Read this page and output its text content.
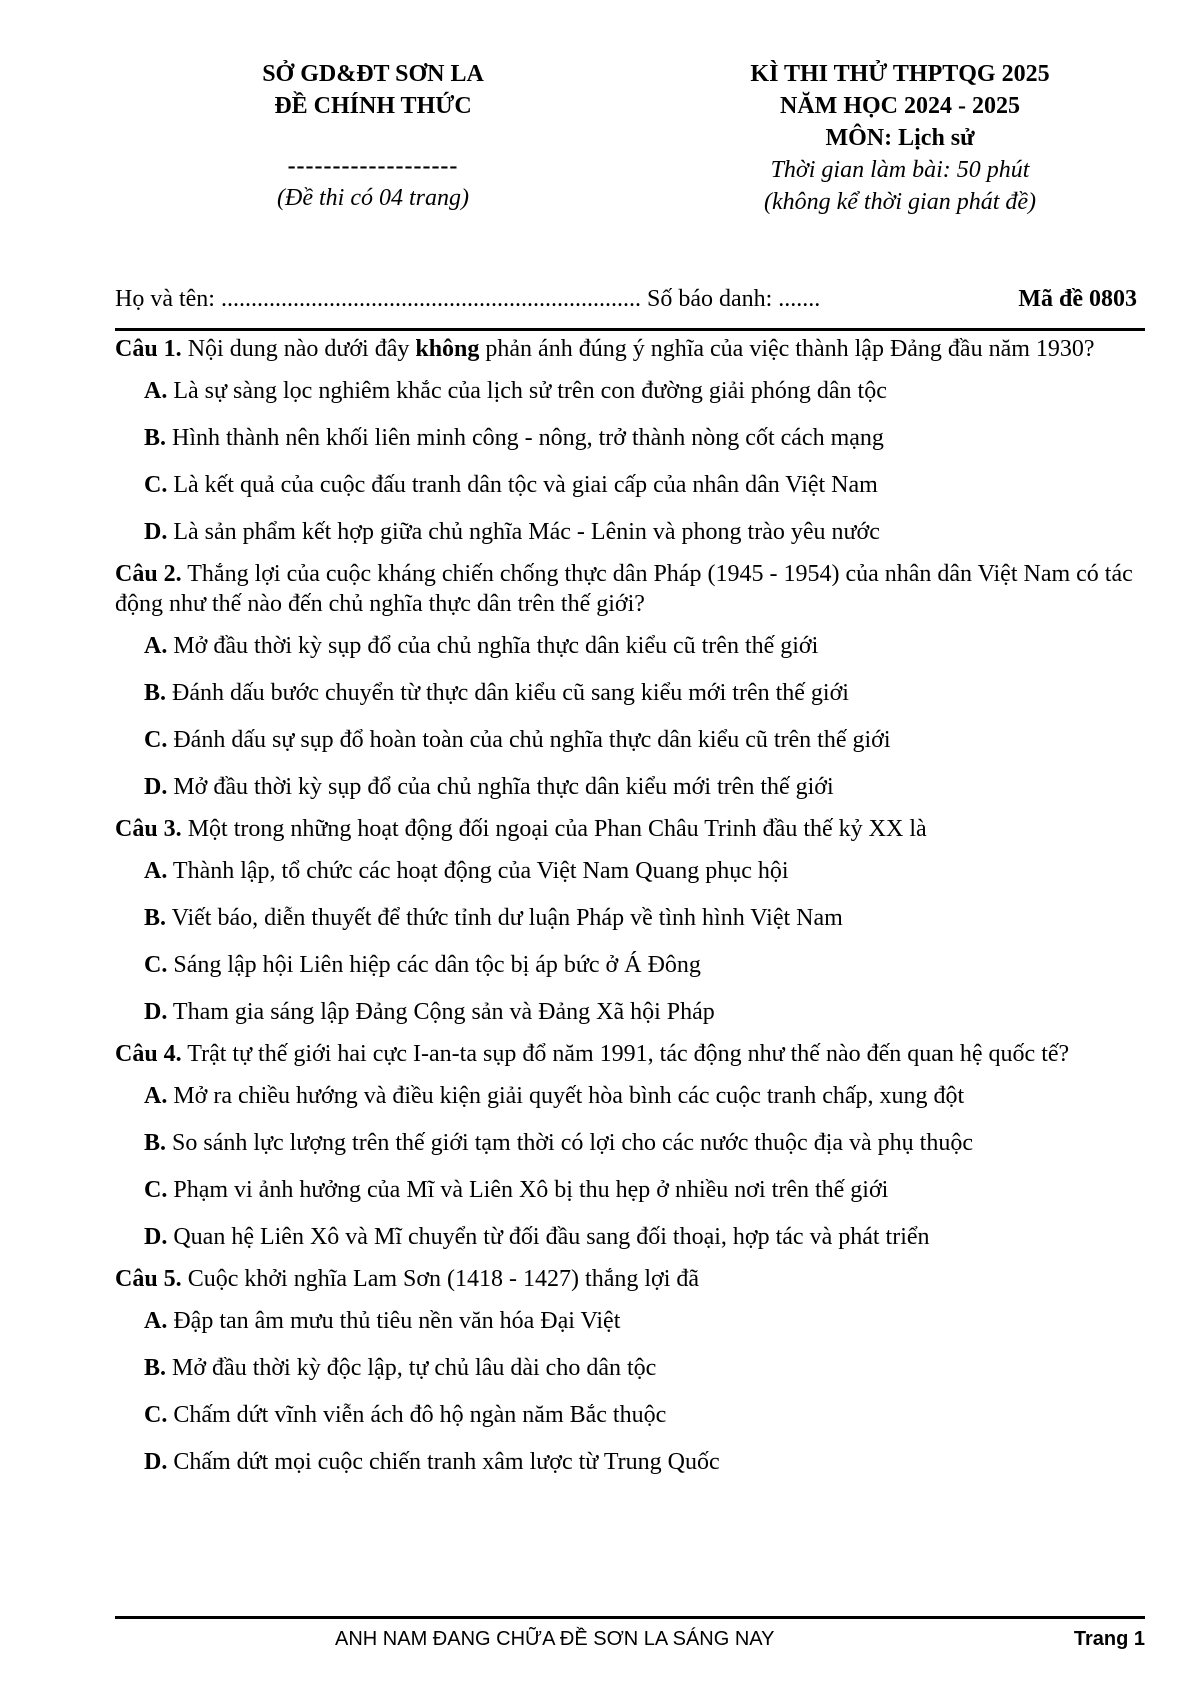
SỞ GD&ĐT SƠN LA
ĐỀ CHÍNH THỨC
-------------------
(Đề thi có 04 trang)
KÌ THI THỬ THPTQG 2025
NĂM HỌC 2024 - 2025
MÔN: Lịch sử
Thời gian làm bài: 50 phút
(không kể thời gian phát đề)
Họ và tên: ...................................................................... Số báo danh: .......	Mã đề 0803

Câu 1. Nội dung nào dưới đây không phản ánh đúng ý nghĩa của việc thành lập Đảng đầu năm 1930?

A. Là sự sàng lọc nghiêm khắc của lịch sử trên con đường giải phóng dân tộc

B. Hình thành nên khối liên minh công - nông, trở thành nòng cốt cách mạng

C. Là kết quả của cuộc đấu tranh dân tộc và giai cấp của nhân dân Việt Nam

D. Là sản phẩm kết hợp giữa chủ nghĩa Mác - Lênin và phong trào yêu nước

Câu 2. Thắng lợi của cuộc kháng chiến chống thực dân Pháp (1945 - 1954) của nhân dân Việt Nam có tác động như thế nào đến chủ nghĩa thực dân trên thế giới?

A. Mở đầu thời kỳ sụp đổ của chủ nghĩa thực dân kiểu cũ trên thế giới

B. Đánh dấu bước chuyển từ thực dân kiểu cũ sang kiểu mới trên thế giới

C. Đánh dấu sự sụp đổ hoàn toàn của chủ nghĩa thực dân kiểu cũ trên thế giới

D. Mở đầu thời kỳ sụp đổ của chủ nghĩa thực dân kiểu mới trên thế giới

Câu 3. Một trong những hoạt động đối ngoại của Phan Châu Trinh đầu thế kỷ XX là

A. Thành lập, tổ chức các hoạt động của Việt Nam Quang phục hội

B. Viết báo, diễn thuyết để thức tỉnh dư luận Pháp về tình hình Việt Nam

C. Sáng lập hội Liên hiệp các dân tộc bị áp bức ở Á Đông

D. Tham gia sáng lập Đảng Cộng sản và Đảng Xã hội Pháp

Câu 4. Trật tự thế giới hai cực I-an-ta sụp đổ năm 1991, tác động như thế nào đến quan hệ quốc tế?

A. Mở ra chiều hướng và điều kiện giải quyết hòa bình các cuộc tranh chấp, xung đột

B. So sánh lực lượng trên thế giới tạm thời có lợi cho các nước thuộc địa và phụ thuộc

C. Phạm vi ảnh hưởng của Mĩ và Liên Xô bị thu hẹp ở nhiều nơi trên thế giới

D. Quan hệ Liên Xô và Mĩ chuyển từ đối đầu sang đối thoại, hợp tác và phát triển

Câu 5. Cuộc khởi nghĩa Lam Sơn (1418 - 1427) thắng lợi đã

A. Đập tan âm mưu thủ tiêu nền văn hóa Đại Việt

B. Mở đầu thời kỳ độc lập, tự chủ lâu dài cho dân tộc

C. Chấm dứt vĩnh viễn ách đô hộ ngàn năm Bắc thuộc

D. Chấm dứt mọi cuộc chiến tranh xâm lược từ Trung Quốc

ANH NAM ĐANG CHỮA ĐỀ SƠN LA SÁNG NAY	Trang 1
